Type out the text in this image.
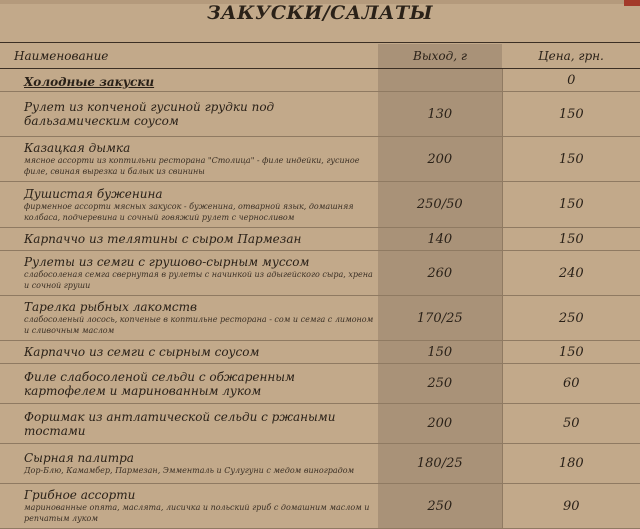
ЗАКУСКИ/САЛАТЫ
Наименование	Выход, г	Цена, грн.
Холодные закуски		0

Рулет из копченой гусиной грудки под бальзамическим соусом	130	150

Казацкая дымка
мясное ассорти из коптильни ресторана "Столица" - филе индейки, гусиное филе, свиная вырезка и балык из свинины	200	150

Душистая буженина
фирменное ассорти мясных закусок - буженина, отварной язык, домашняя колбаса, подчеревина и сочный говяжий рулет с черносливом	250/50	150

Карпаччо из телятины с сыром Пармезан	140	150

Рулеты из семги с грушово-сырным муссом
слабосоленая семга свернутая в рулеты с начинкой из адыгейского сыра, хрена и сочной груши	260	240

Тарелка рыбных лакомств
слабосоленый лосось, копченые в коптильне ресторана - сом и семга с лимоном и сливочным маслом	170/25	250

Карпаччо из семги с сырным соусом	150	150

Филе слабосоленой сельди с обжаренным картофелем и маринованным луком	250	60

Форшмак из антлатической сельди с ржаными тостами	200	50

Сырная палитра
Дор-Блю, Камамбер, Пармезан, Эмменталь и Сулугуни с медом виноградом	180/25	180

Грибное ассорти
маринованные опята, маслята, лисичка и польский гриб с домашним маслом и репчатым луком	250	90
